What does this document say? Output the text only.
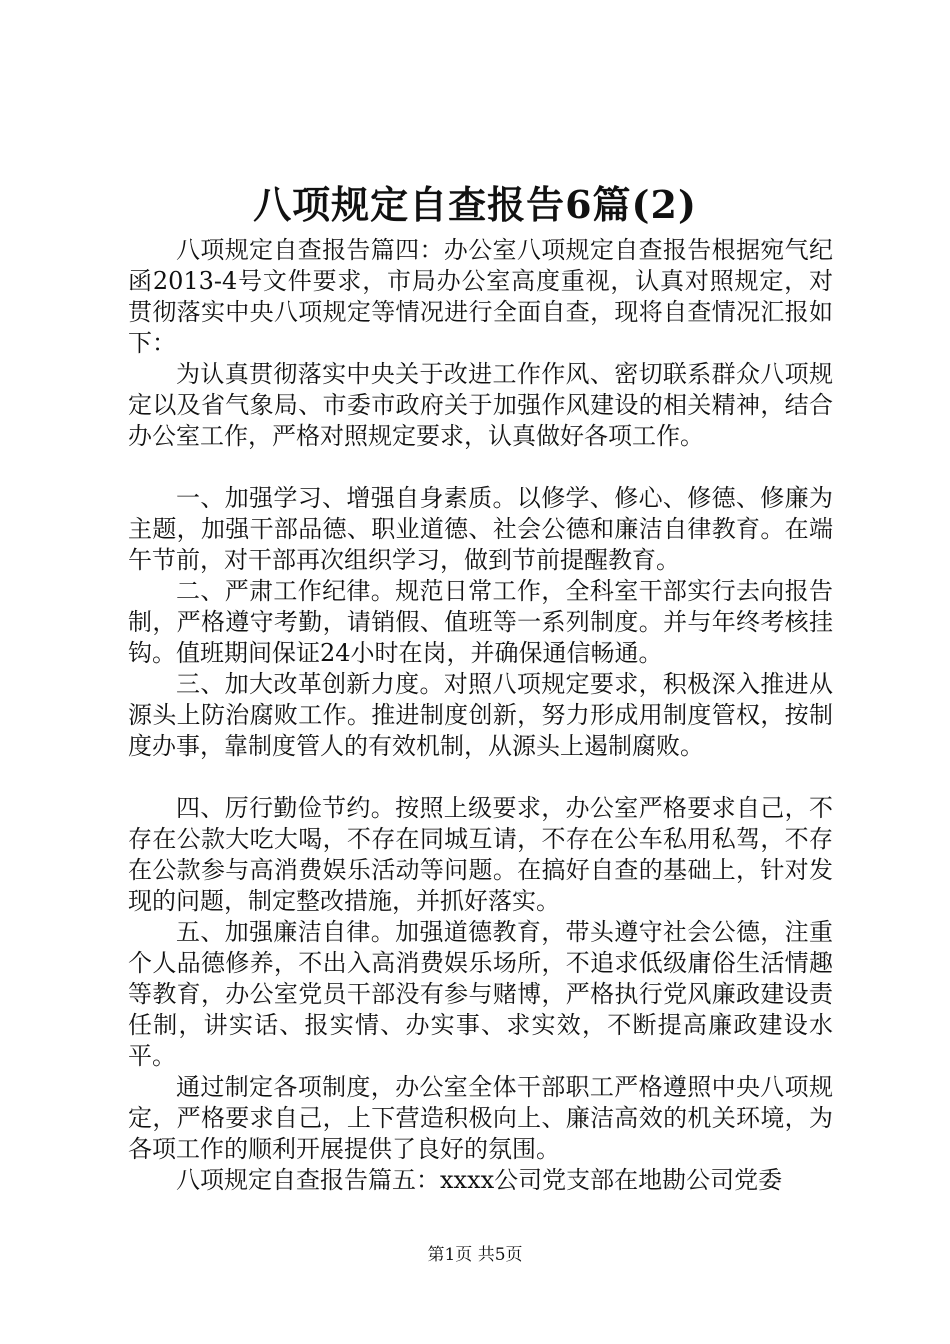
八项规定自查报告6篇(2)

八项规定自查报告篇四：办公室八项规定自查报告根据宛气纪函2013-4号文件要求，市局办公室高度重视，认真对照规定，对贯彻落实中央八项规定等情况进行全面自查，现将自查情况汇报如下：

为认真贯彻落实中央关于改进工作作风、密切联系群众八项规定以及省气象局、市委市政府关于加强作风建设的相关精神，结合办公室工作，严格对照规定要求，认真做好各项工作。

一、加强学习、增强自身素质。以修学、修心、修德、修廉为主题，加强干部品德、职业道德、社会公德和廉洁自律教育。在端午节前，对干部再次组织学习，做到节前提醒教育。

二、严肃工作纪律。规范日常工作，全科室干部实行去向报告制，严格遵守考勤，请销假、值班等一系列制度。并与年终考核挂钩。值班期间保证24小时在岗，并确保通信畅通。

三、加大改革创新力度。对照八项规定要求，积极深入推进从源头上防治腐败工作。推进制度创新，努力形成用制度管权，按制度办事，靠制度管人的有效机制，从源头上遏制腐败。

四、厉行勤俭节约。按照上级要求，办公室严格要求自己，不存在公款大吃大喝，不存在同城互请，不存在公车私用私驾，不存在公款参与高消费娱乐活动等问题。在搞好自查的基础上，针对发现的问题，制定整改措施，并抓好落实。

五、加强廉洁自律。加强道德教育，带头遵守社会公德，注重个人品德修养，不出入高消费娱乐场所，不追求低级庸俗生活情趣等教育，办公室党员干部没有参与赌博，严格执行党风廉政建设责任制，讲实话、报实情、办实事、求实效，不断提高廉政建设水平。

通过制定各项制度，办公室全体干部职工严格遵照中央八项规定，严格要求自己，上下营造积极向上、廉洁高效的机关环境，为各项工作的顺利开展提供了良好的氛围。

八项规定自查报告篇五：xxxx公司党支部在地勘公司党委

第1页 共5页
